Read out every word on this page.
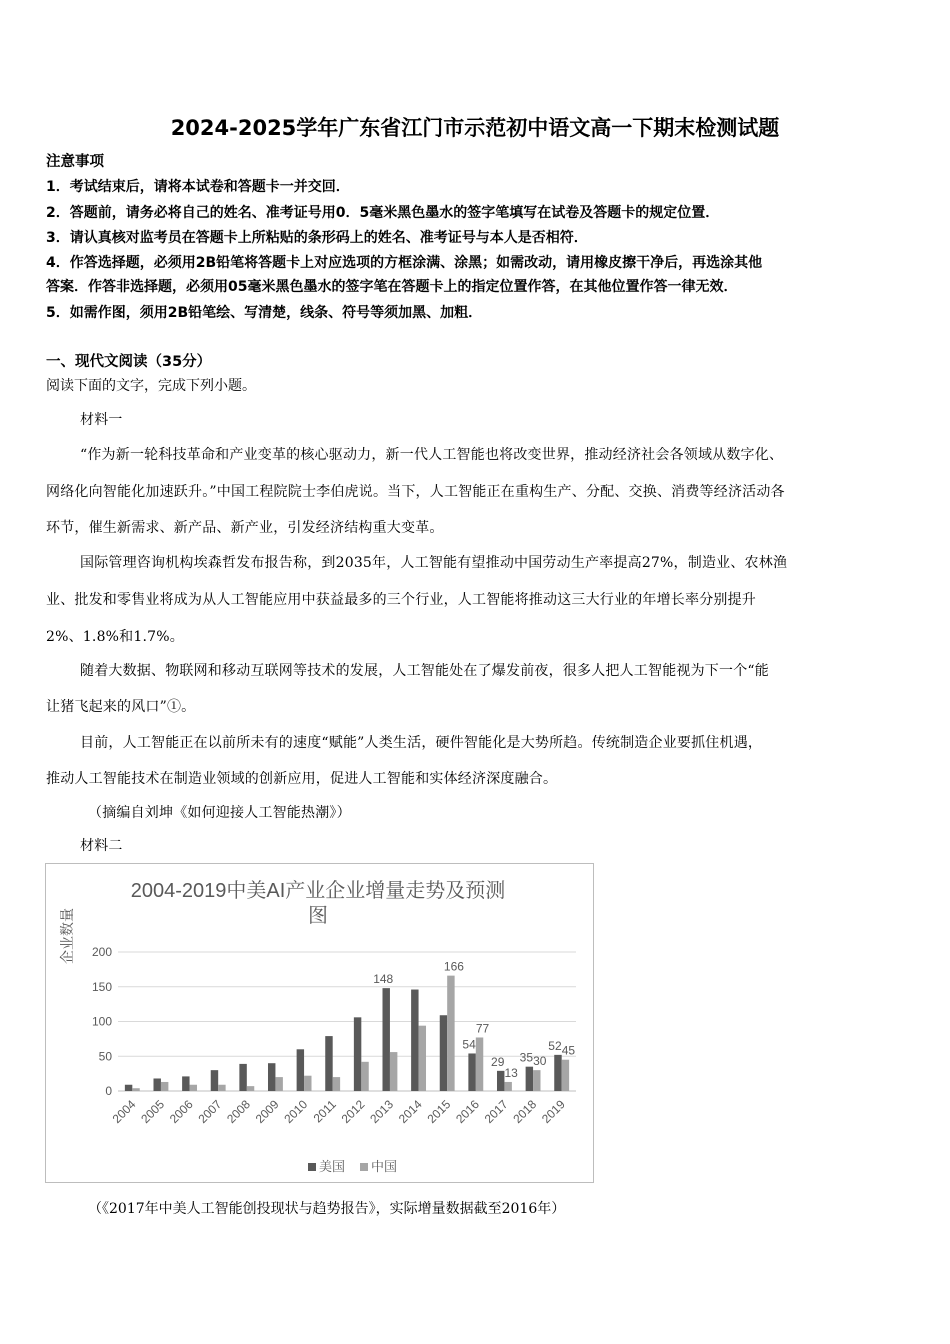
2024-2025学年广东省江门市示范初中语文高一下期末检测试题
注意事项
1．考试结束后，请将本试卷和答题卡一并交回．
2．答题前，请务必将自己的姓名、准考证号用0．5毫米黑色墨水的签字笔填写在试卷及答题卡的规定位置．
3．请认真核对监考员在答题卡上所粘贴的条形码上的姓名、准考证号与本人是否相符．
4．作答选择题，必须用2B铅笔将答题卡上对应选项的方框涂满、涂黑；如需改动，请用橡皮擦干净后，再选涂其他
答案．作答非选择题，必须用05毫米黑色墨水的签字笔在答题卡上的指定位置作答，在其他位置作答一律无效．
5．如需作图，须用2B铅笔绘、写清楚，线条、符号等须加黑、加粗．
一、现代文阅读（35分）
阅读下面的文字，完成下列小题。
材料一
“作为新一轮科技革命和产业变革的核心驱动力，新一代人工智能也将改变世界，推动经济社会各领域从数字化、
网络化向智能化加速跃升。”中国工程院院士李伯虎说。当下，人工智能正在重构生产、分配、交换、消费等经济活动各
环节，催生新需求、新产品、新产业，引发经济结构重大变革。
国际管理咨询机构埃森哲发布报告称，到2035年，人工智能有望推动中国劳动生产率提高27%，制造业、农林渔
业、批发和零售业将成为从人工智能应用中获益最多的三个行业，人工智能将推动这三大行业的年增长率分别提升
2%、1.8%和1.7%。
随着大数据、物联网和移动互联网等技术的发展，人工智能处在了爆发前夜，很多人把人工智能视为下一个“能
让猪飞起来的风口”①。
目前，人工智能正在以前所未有的速度“赋能”人类生活，硬件智能化是大势所趋。传统制造企业要抓住机遇，
推动人工智能技术在制造业领域的创新应用，促进人工智能和实体经济深度融合。
（摘编自刘坤《如何迎接人工智能热潮》）
材料二
2004-2019中美AI产业企业增量走势及预测
图
企业数量
0
50
100
150
200
148
166
54
77
29
13
35 30
52 45
2004 2005 2006 2007 2008 2009 2010 2011 2012 2013 2014 2015 2016 2017 2018 2019
美国 中国
（《2017年中美人工智能创投现状与趋势报告》，实际增量数据截至2016年）
